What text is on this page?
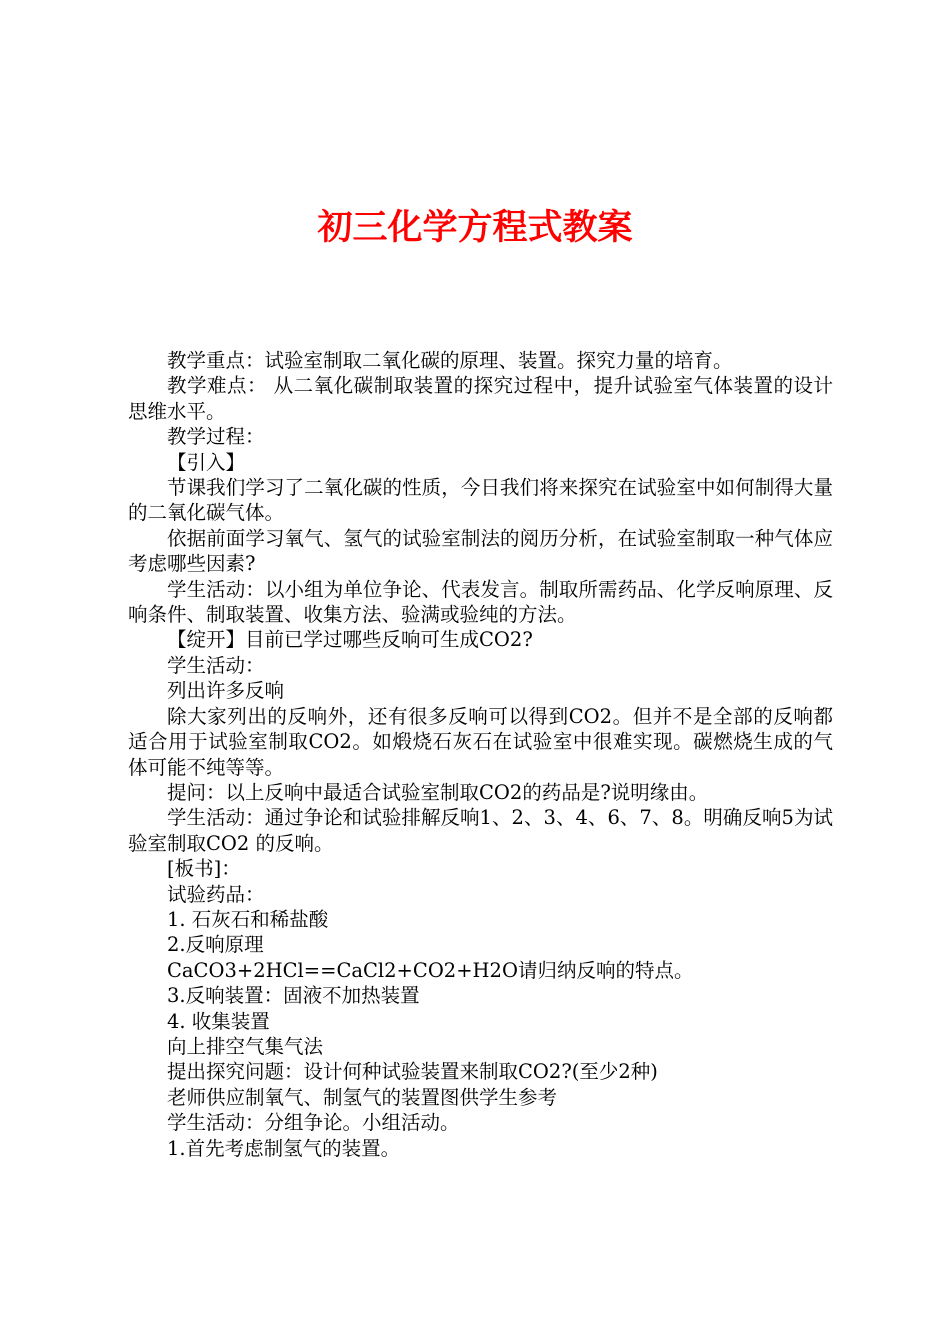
初三化学方程式教案

教学重点：试验室制取二氧化碳的原理、装置。探究力量的培育。

教学难点： 从二氧化碳制取装置的探究过程中，提升试验室气体装置的设计思维水平。

教学过程：

【引入】

节课我们学习了二氧化碳的性质，今日我们将来探究在试验室中如何制得大量的二氧化碳气体。

依据前面学习氧气、氢气的试验室制法的阅历分析，在试验室制取一种气体应考虑哪些因素?

学生活动：以小组为单位争论、代表发言。制取所需药品、化学反响原理、反响条件、制取装置、收集方法、验满或验纯的方法。

【绽开】目前已学过哪些反响可生成CO2?

学生活动：

列出许多反响

除大家列出的反响外，还有很多反响可以得到CO2。但并不是全部的反响都适合用于试验室制取CO2。如煅烧石灰石在试验室中很难实现。碳燃烧生成的气体可能不纯等等。

提问：以上反响中最适合试验室制取CO2的药品是?说明缘由。

学生活动：通过争论和试验排解反响1、2、3、4、6、7、8。明确反响5为试验室制取CO2 的反响。

[板书]：

试验药品：

1. 石灰石和稀盐酸

2.反响原理

CaCO3+2HCl==CaCl2+CO2+H2O请归纳反响的特点。

3.反响装置：固液不加热装置

4. 收集装置

向上排空气集气法

提出探究问题：设计何种试验装置来制取CO2?(至少2种)

老师供应制氧气、制氢气的装置图供学生参考

学生活动：分组争论。小组活动。

1.首先考虑制氢气的装置。
